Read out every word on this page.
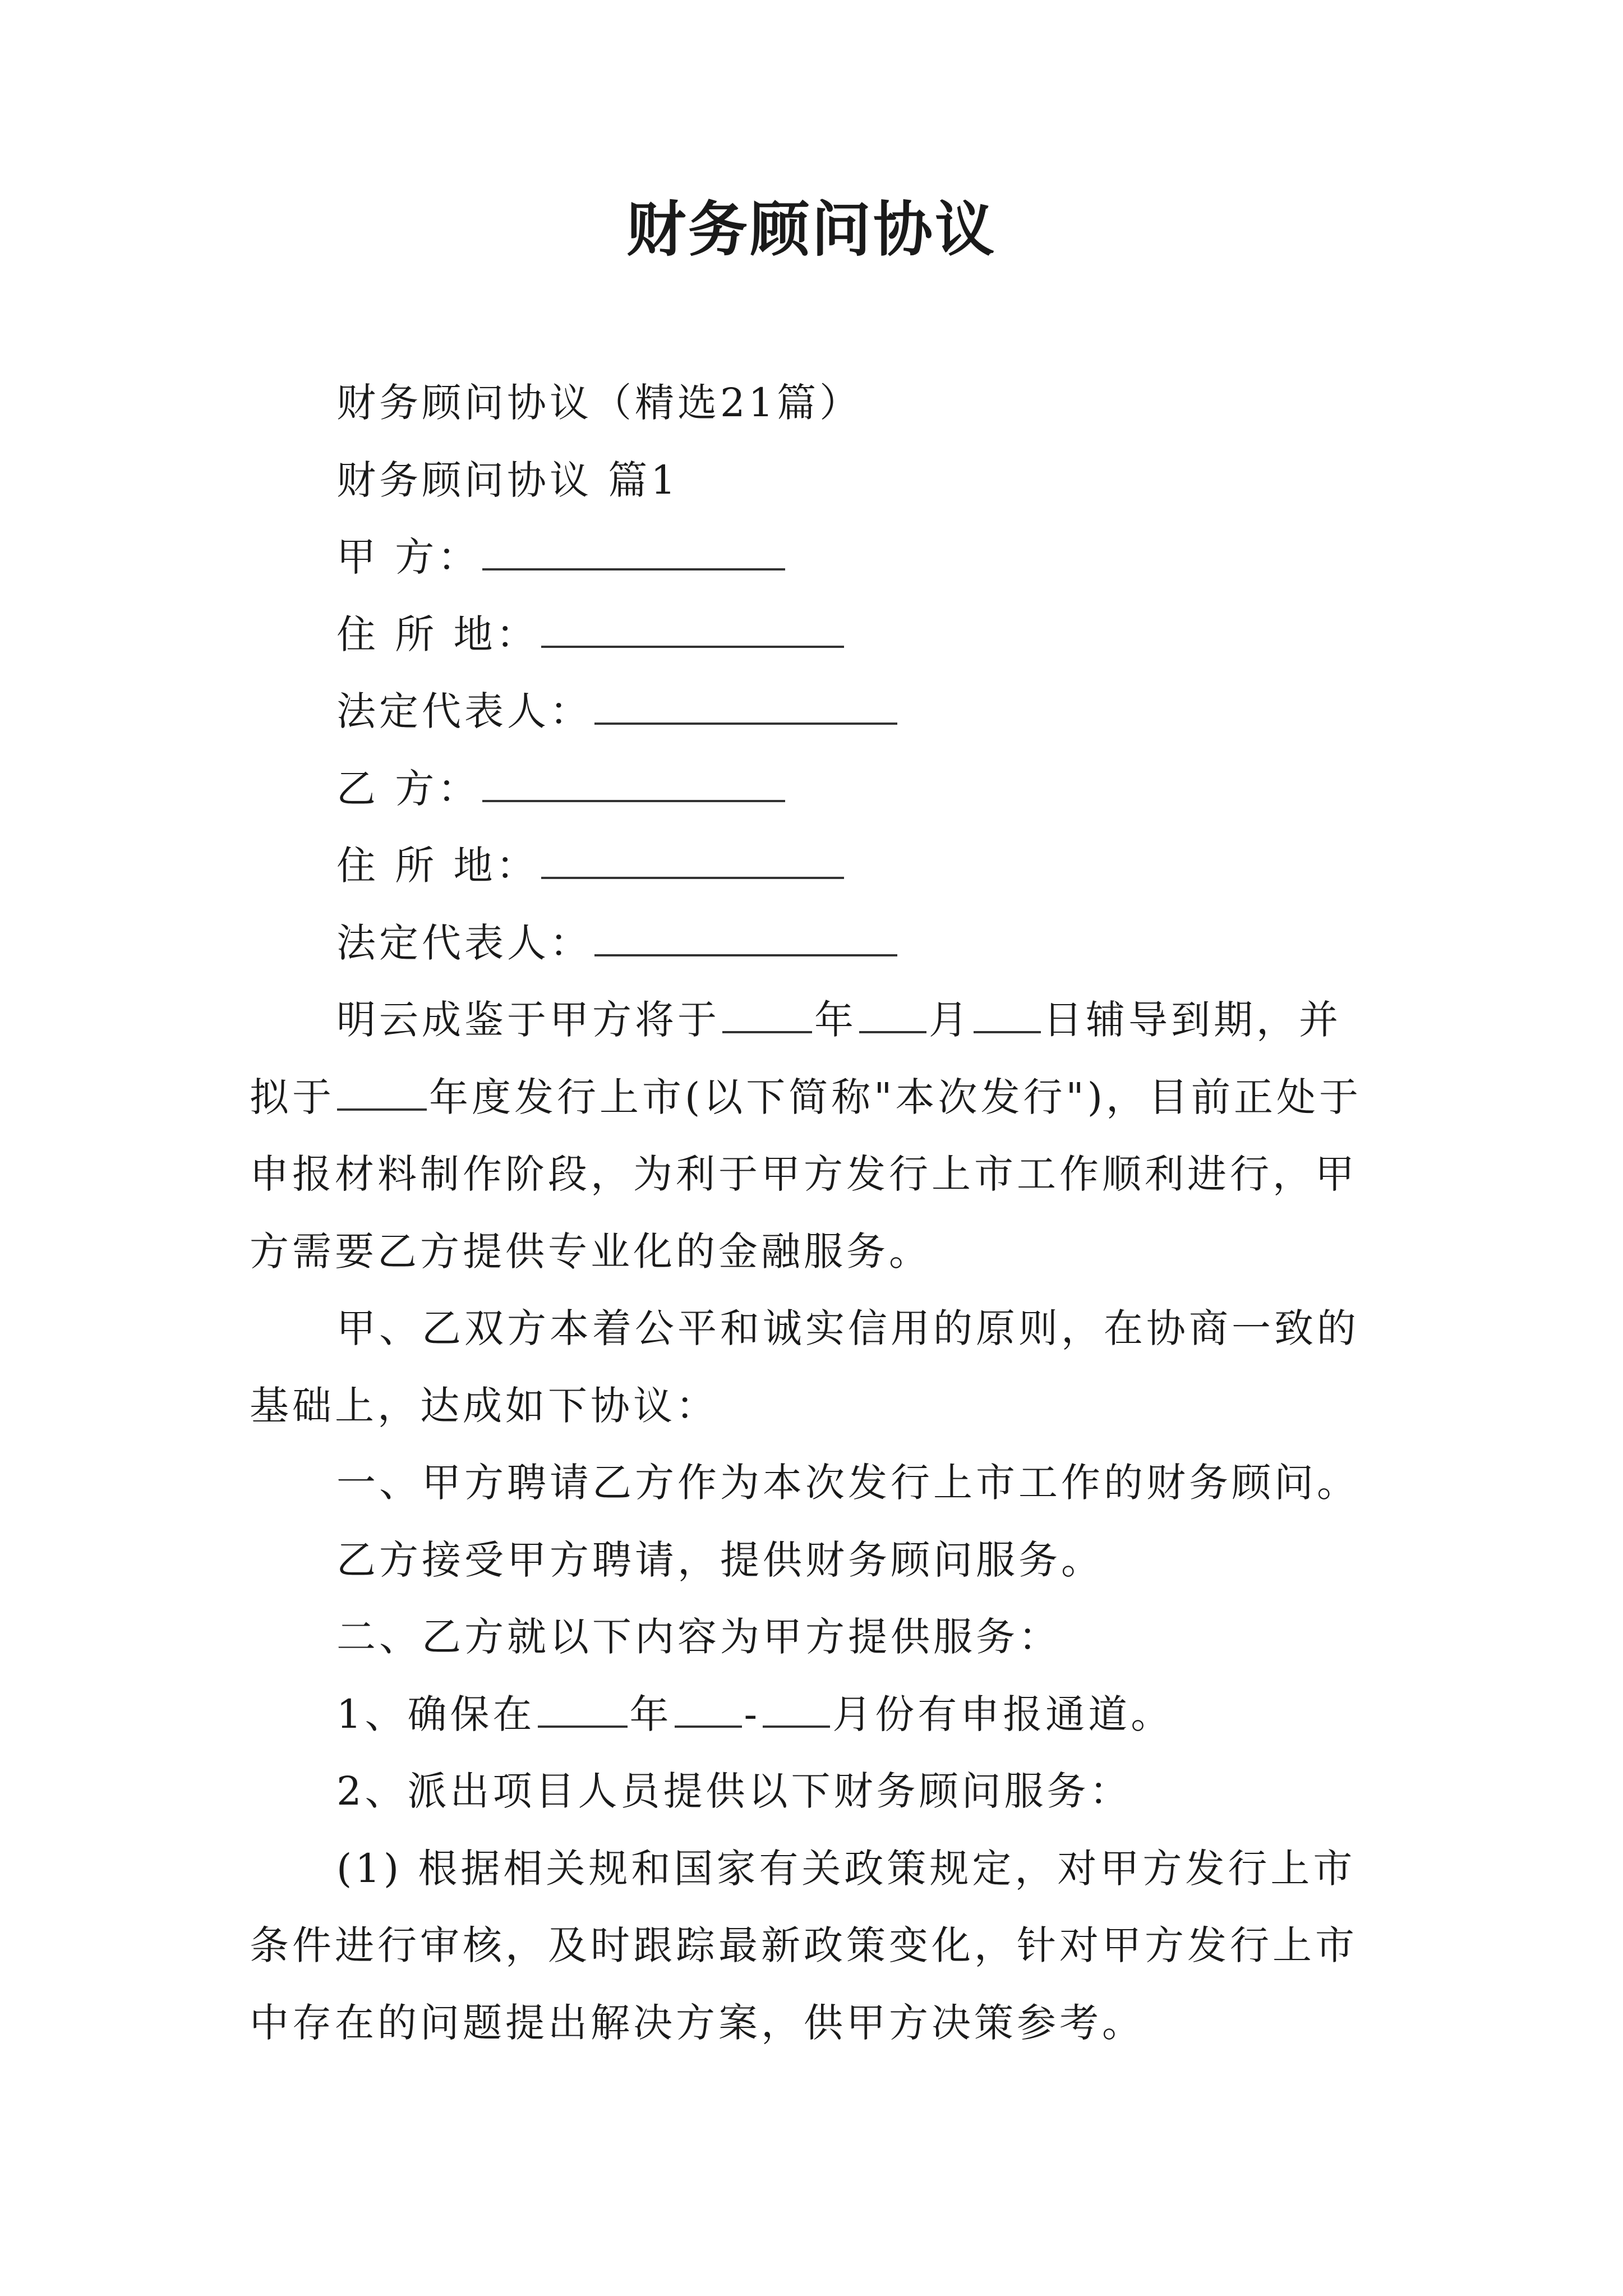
财务顾问协议

财务顾问协议（精选21篇）

财务顾问协议 篇1

甲 方：

住 所 地：

法定代表人：

乙 方：

住 所 地：

法定代表人：

明云成鉴于甲方将于 年 月 日辅导到期，并拟于 年度发行上市(以下简称"本次发行")，目前正处于申报材料制作阶段，为利于甲方发行上市工作顺利进行，甲方需要乙方提供专业化的金融服务。

甲、乙双方本着公平和诚实信用的原则，在协商一致的基础上，达成如下协议：

一、甲方聘请乙方作为本次发行上市工作的财务顾问。

乙方接受甲方聘请，提供财务顾问服务。

二、乙方就以下内容为甲方提供服务：

1、确保在 年 - 月份有申报通道。

2、派出项目人员提供以下财务顾问服务：

(1) 根据相关规和国家有关政策规定，对甲方发行上市条件进行审核，及时跟踪最新政策变化，针对甲方发行上市中存在的问题提出解决方案，供甲方决策参考。
